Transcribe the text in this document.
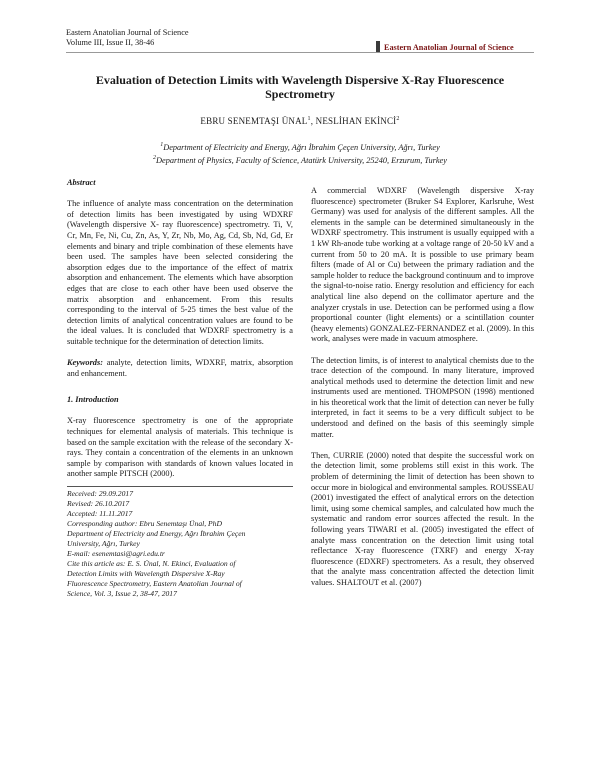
Eastern Anatolian Journal of Science
Volume III, Issue II, 38-46	Eastern Anatolian Journal of Science
Evaluation of Detection Limits with Wavelength Dispersive X-Ray Fluorescence Spectrometry
EBRU SENEMTAŞI ÜNAL$^1$, NESLİHAN EKİNCİ$^2$
$^1$Department of Electricity and Energy, Ağrı İbrahim Çeçen University, Ağrı, Turkey
$^2$Department of Physics, Faculty of Science, Atatürk University, 25240, Erzurum, Turkey

Abstract

The influence of analyte mass concentration on the determination of detection limits has been investigated by using WDXRF (Wavelength dispersive X- ray fluorescence) spectrometry. Ti, V, Cr, Mn, Fe, Ni, Cu, Zn, As, Y, Zr, Nb, Mo, Ag, Cd, Sb, Nd, Gd, Er elements and binary and triple combination of these elements have been used. The samples have been selected considering the absorption edges due to the importance of the effect of matrix absorption and enhancement. The elements which have absorption edges that are close to each other have been used observe the matrix absorption and enhancement. From this results corresponding to the interval of 5-25 times the best value of the detection limits of analytical concentration values are found to be the ideal values. It is concluded that WDXRF spectrometry is a suitable technique for the determination of detection limits.

Keywords: analyte, detection limits, WDXRF, matrix, absorption and enhancement.

1. Introduction

X-ray fluorescence spectrometry is one of the appropriate techniques for elemental analysis of materials. This technique is based on the sample excitation with the release of the secondary X-rays. They contain a concentration of the elements in an unknown sample by comparison with standards of known values located in another sample PITSCH (2000).

Received: 29.09.2017
Revised: 26.10.2017
Accepted: 11.11.2017
Corresponding author: Ebru Senemtaşı Ünal, PhD
Department of Electricity and Energy, Ağrı İbrahim Çeçen
University, Ağrı, Turkey
E-mail: esenemtasi@agri.edu.tr
Cite this article as: E. S. Ünal, N. Ekinci, Evaluation of
Detection Limits with Wavelength Dispersive X-Ray
Fluorescence Spectrometry, Eastern Anatolian Journal of
Science, Vol. 3, Issue 2, 38-47, 2017

A commercial WDXRF (Wavelength dispersive X-ray fluorescence) spectrometer (Bruker S4 Explorer, Karlsruhe, West Germany) was used for analysis of the different samples. All the elements in the sample can be determined simultaneously in the WDXRF spectrometry. This instrument is usually equipped with a 1 kW Rh-anode tube working at a voltage range of 20-50 kV and a current from 50 to 20 mA. It is possible to use primary beam filters (made of Al or Cu) between the primary radiation and the sample holder to reduce the background continuum and to improve the signal-to-noise ratio. Energy resolution and efficiency for each analytical line also depend on the collimator aperture and the analyzer crystals in use. Detection can be performed using a flow proportional counter (light elements) or a scintillation counter (heavy elements) GONZALEZ-FERNANDEZ et al. (2009). In this work, analyses were made in vacuum atmosphere.

The detection limits, is of interest to analytical chemists due to the trace detection of the compound. In many literature, improved analytical methods used to determine the detection limit and new instruments used are mentioned. THOMPSON (1998) mentioned in his theoretical work that the limit of detection can never be fully interpreted, in fact it seems to be a very difficult subject to be understood and defined on the basis of this seemingly simple matter.

Then, CURRIE (2000) noted that despite the successful work on the detection limit, some problems still exist in this work. The problem of determining the limit of detection has been shown to occur more in biological and environmental samples. ROUSSEAU (2001) investigated the effect of analytical errors on the detection limit, using some chemical samples, and calculated how much the systematic and random error sources affected the result. In the following years TIWARI et al. (2005) investigated the effect of analyte mass concentration on the detection limit using total reflectance X-ray fluorescence (TXRF) and energy X-ray fluorescence (EDXRF) spectrometers. As a result, they observed that the analyte mass concentration affected the detection limit values. SHALTOUT et al. (2007)
